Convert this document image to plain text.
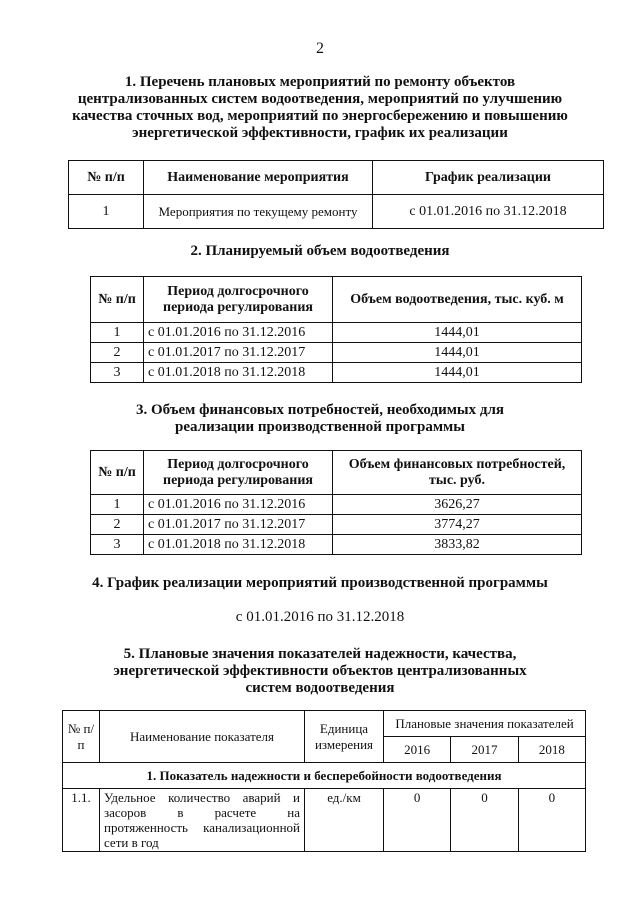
2
1. Перечень плановых мероприятий по ремонту объектов
централизованных систем водоотведения, мероприятий по улучшению
качества сточных вод, мероприятий по энергосбережению и повышению
энергетической эффективности, график их реализации
№ п/п	Наименование мероприятия	График реализации
1	Мероприятия по текущему ремонту	с 01.01.2016 по 31.12.2018
2. Планируемый объем водоотведения
№ п/п	Период долгосрочного периода регулирования	Объем водоотведения, тыс. куб. м
1	с 01.01.2016 по 31.12.2016	1444,01
2	с 01.01.2017 по 31.12.2017	1444,01
3	с 01.01.2018 по 31.12.2018	1444,01
3. Объем финансовых потребностей, необходимых для
реализации производственной программы
№ п/п	Период долгосрочного периода регулирования	Объем финансовых потребностей, тыс. руб.
1	с 01.01.2016 по 31.12.2016	3626,27
2	с 01.01.2017 по 31.12.2017	3774,27
3	с 01.01.2018 по 31.12.2018	3833,82
4. График реализации мероприятий производственной программы
с 01.01.2016 по 31.12.2018
5. Плановые значения показателей надежности, качества,
энергетической эффективности объектов централизованных
систем водоотведения
№ п/п	Наименование показателя	Единица измерения	Плановые значения показателей		
			2016	2017	2018
1. Показатель надежности и бесперебойности водоотведения					
1.1.	Удельное количество аварий и засоров в расчете на протяженность канализационной сети в год	ед./км	0	0	0
